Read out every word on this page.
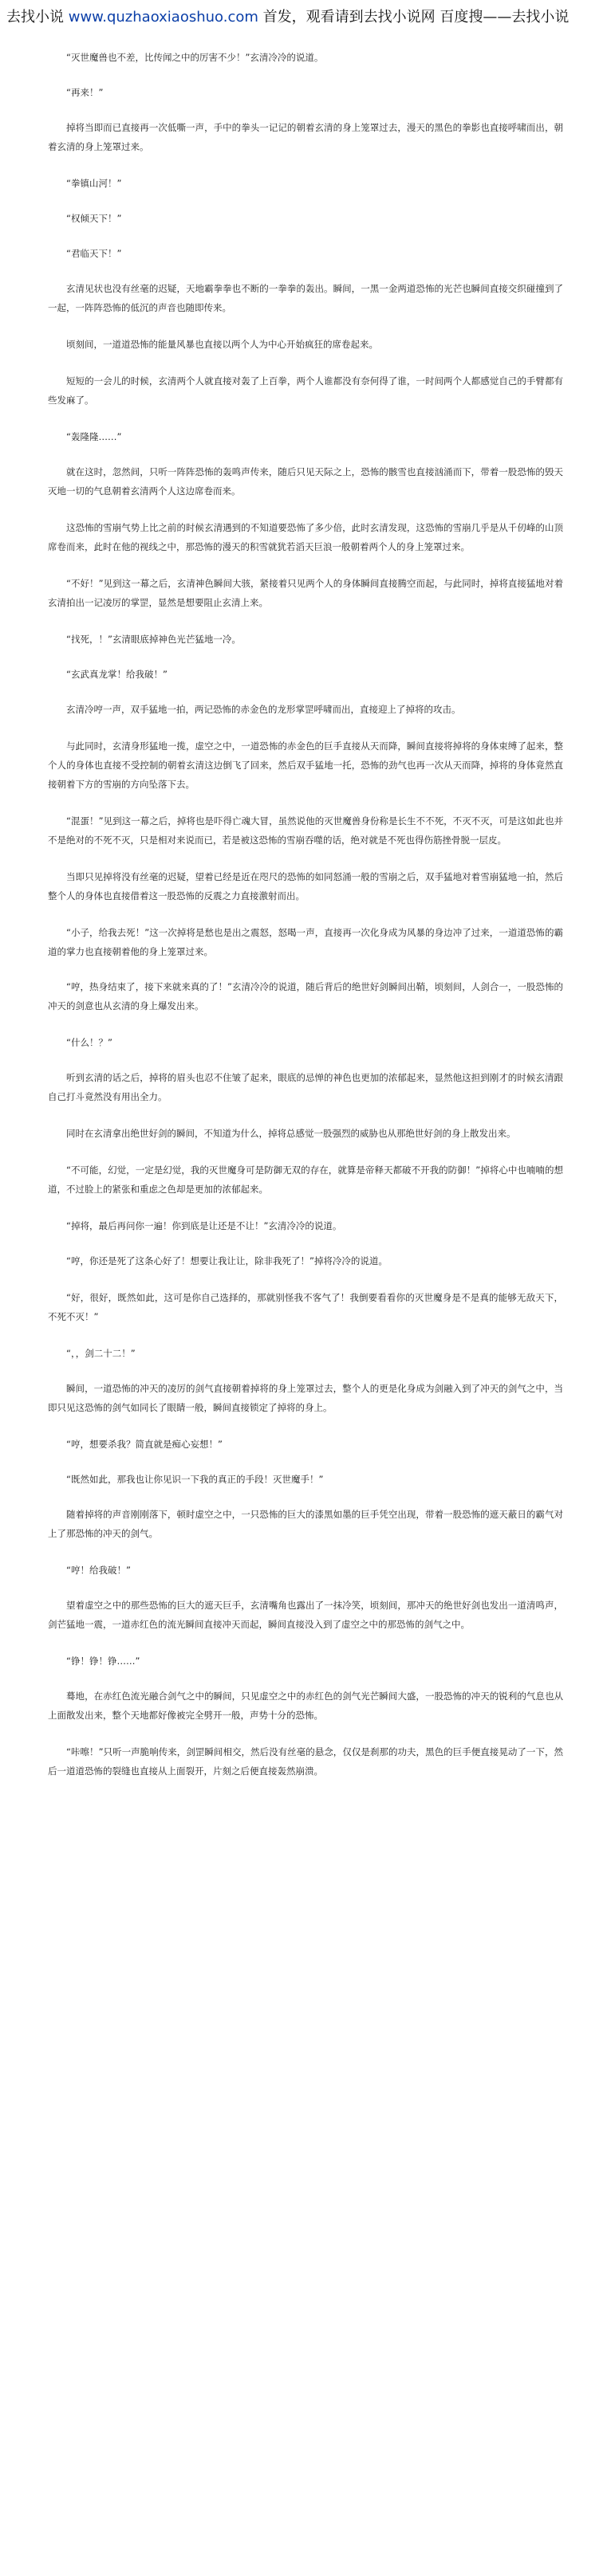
去找小说 www.quzhaoxiaoshuo.com 首发，观看请到去找小说网 百度搜——去找小说

“灭世魔兽也不差，比传闻之中的厉害不少！”玄清冷冷的说道。

“再来！”

掉将当即而已直接再一次低嘶一声，手中的拳头一记记的朝着玄清的身上笼罩过去，漫天的黑色的拳影也直接呼啸而出，朝着玄清的身上笼罩过来。

“拳镇山河！”

“权倾天下！”

“君临天下！”

玄清见状也没有丝毫的迟疑，天地霸拳拳也不断的一拳拳的轰出。瞬间，一黑一金两道恐怖的光芒也瞬间直接交织碰撞到了一起，一阵阵恐怖的低沉的声音也随即传来。

顷刻间，一道道恐怖的能量风暴也直接以两个人为中心开始疯狂的席卷起来。

短短的一会儿的时候，玄清两个人就直接对轰了上百拳，两个人谁都没有奈何得了谁，一时间两个人都感觉自己的手臂都有些发麻了。

“轰隆隆……”

就在这时，忽然间，只听一阵阵恐怖的轰鸣声传来，随后只见天际之上，恐怖的骸雪也直接汹涌而下，带着一股恐怖的毁天灭地一切的气息朝着玄清两个人这边席卷而来。

这恐怖的雪崩气势上比之前的时候玄清遇到的不知道要恐怖了多少倍，此时玄清发现，这恐怖的雪崩几乎是从千仞峰的山顶席卷而来，此时在他的视线之中，那恐怖的漫天的积雪就犹若滔天巨浪一般朝着两个人的身上笼罩过来。

“不好！”见到这一幕之后，玄清神色瞬间大骇，紧接着只见两个人的身体瞬间直接腾空而起，与此同时，掉将直接猛地对着玄清拍出一记凌厉的掌罡，显然是想要阻止玄清上来。

“找死，！”玄清眼底掉神色光芒猛地一冷。

“玄武真龙掌！给我破！”

玄清冷哼一声，双手猛地一拍，两记恐怖的赤金色的龙形掌罡呼啸而出，直接迎上了掉将的攻击。

与此同时，玄清身形猛地一揽，虚空之中，一道恐怖的赤金色的巨手直接从天而降，瞬间直接将掉将的身体束缚了起来，整个人的身体也直接不受控制的朝着玄清这边倒飞了回来，然后双手猛地一托，恐怖的劲气也再一次从天而降，掉将的身体竟然直接朝着下方的雪崩的方向坠落下去。

“混蛋！”见到这一幕之后，掉将也是吓得亡魂大冒，虽然说他的灭世魔兽身份称是长生不不死，不灭不灭，可是这如此也并不是绝对的不死不灭，只是相对来说而已，若是被这恐怖的雪崩吞噬的话，绝对就是不死也得伤筋挫骨脱一层皮。

当即只见掉将没有丝毫的迟疑，望着已经是近在咫尺的恐怖的如同怒涌一般的雪崩之后，双手猛地对着雪崩猛地一拍，然后整个人的身体也直接借着这一股恐怖的反震之力直接激射而出。

“小子，给我去死！”这一次掉将是愁也是出之震怒，怒喝一声，直接再一次化身成为风暴的身边冲了过来，一道道恐怖的霸道的掌力也直接朝着他的身上笼罩过来。

“哼，热身结束了，接下来就来真的了！”玄清冷冷的说道，随后背后的绝世好剑瞬间出鞘，顷刻间，人剑合一，一股恐怖的冲天的剑意也从玄清的身上爆发出来。

“什么！？”

听到玄清的话之后，掉将的眉头也忍不住皱了起来，眼底的忌惮的神色也更加的浓郁起来，显然他这担到刚才的时候玄清跟自己打斗竟然没有用出全力。

同时在玄清拿出绝世好剑的瞬间，不知道为什么，掉将总感觉一股强烈的威胁也从那绝世好剑的身上散发出来。

“不可能，幻觉，一定是幻觉，我的灭世魔身可是防御无双的存在，就算是帝释天都破不开我的防御！”掉将心中也喃喃的想道，不过脸上的紧张和重虑之色却是更加的浓郁起来。

“掉将，最后再问你一遍！你到底是让还是不让！”玄清冷冷的说道。

“哼，你还是死了这条心好了！想要让我让让，除非我死了！”掉将冷冷的说道。

“好，很好，既然如此，这可是你自己选择的，那就别怪我不客气了！我倒要看看你的灭世魔身是不是真的能够无敌天下，不死不灭！”

“，，剑二十二！”

瞬间，一道恐怖的冲天的凌厉的剑气直接朝着掉将的身上笼罩过去，整个人的更是化身成为剑融入到了冲天的剑气之中，当即只见这恐怖的剑气如同长了眼睛一般，瞬间直接锁定了掉将的身上。

“哼，想要杀我？简直就是痴心妄想！”

“既然如此，那我也让你见识一下我的真正的手段！灭世魔手！”

随着掉将的声音刚刚落下，顿时虚空之中，一只恐怖的巨大的漆黑如墨的巨手凭空出现，带着一股恐怖的遮天蔽日的霸气对上了那恐怖的冲天的剑气。

“哼！给我破！”

望着虚空之中的那些恐怖的巨大的遮天巨手，玄清嘴角也露出了一抹冷笑，顷刻间，那冲天的绝世好剑也发出一道清鸣声，剑芒猛地一震，一道赤红色的流光瞬间直接冲天而起，瞬间直接没入到了虚空之中的那恐怖的剑气之中。

“铮！铮！铮……”

蓦地，在赤红色流光融合剑气之中的瞬间，只见虚空之中的赤红色的剑气光芒瞬间大盛，一股恐怖的冲天的锐利的气息也从上面散发出来，整个天地都好像被完全劈开一般，声势十分的恐怖。

“咔嚓！”只听一声脆响传来，剑罡瞬间相交，然后没有丝毫的悬念，仅仅是刹那的功夫，黑色的巨手便直接晃动了一下，然后一道道恐怖的裂缝也直接从上面裂开，片刻之后便直接轰然崩溃。
